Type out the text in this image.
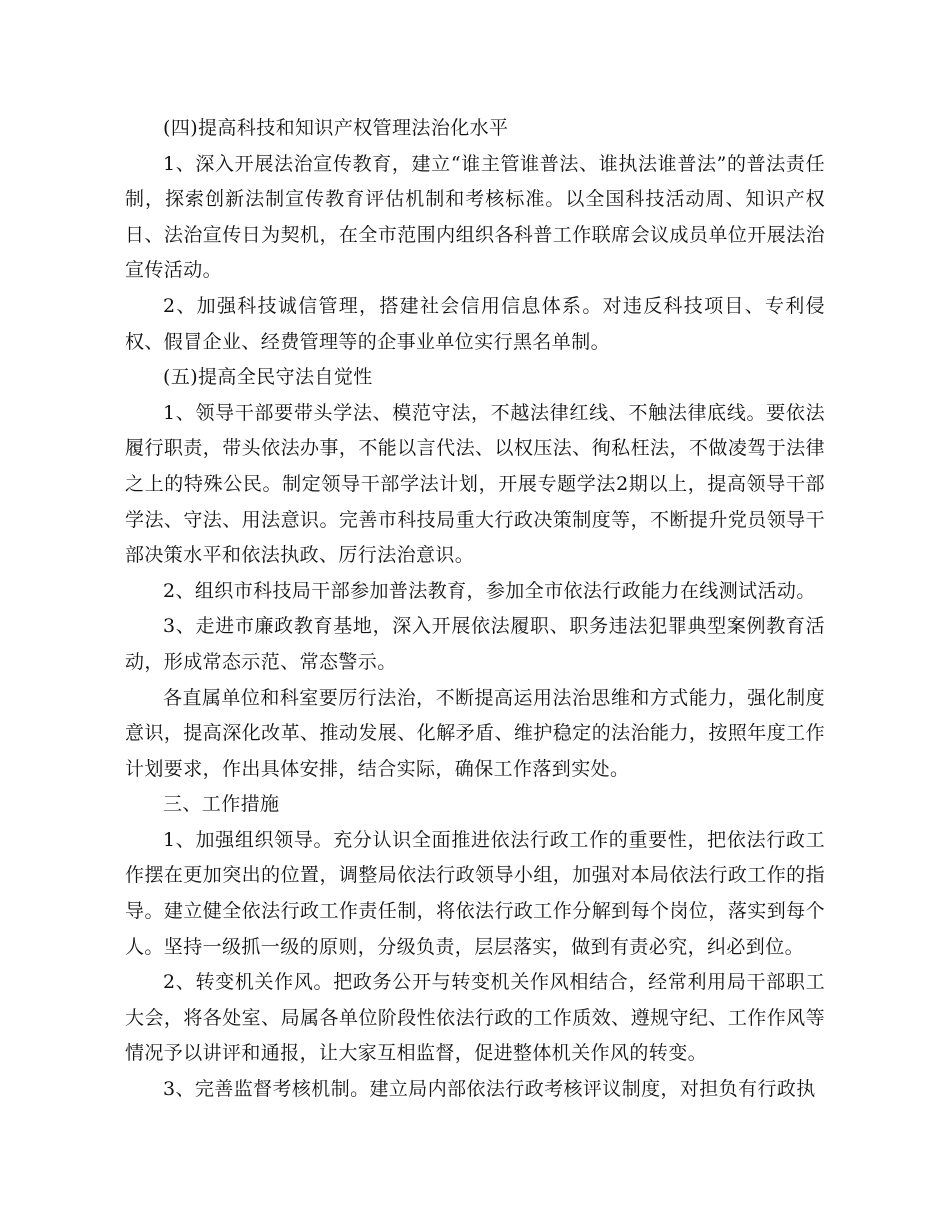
(四)提高科技和知识产权管理法治化水平

1、深入开展法治宣传教育，建立“谁主管谁普法、谁执法谁普法”的普法责任制，探索创新法制宣传教育评估机制和考核标准。以全国科技活动周、知识产权日、法治宣传日为契机，在全市范围内组织各科普工作联席会议成员单位开展法治宣传活动。

2、加强科技诚信管理，搭建社会信用信息体系。对违反科技项目、专利侵权、假冒企业、经费管理等的企事业单位实行黑名单制。

(五)提高全民守法自觉性

1、领导干部要带头学法、模范守法，不越法律红线、不触法律底线。要依法履行职责，带头依法办事，不能以言代法、以权压法、徇私枉法，不做凌驾于法律之上的特殊公民。制定领导干部学法计划，开展专题学法2期以上，提高领导干部学法、守法、用法意识。完善市科技局重大行政决策制度等，不断提升党员领导干部决策水平和依法执政、厉行法治意识。

2、组织市科技局干部参加普法教育，参加全市依法行政能力在线测试活动。

3、走进市廉政教育基地，深入开展依法履职、职务违法犯罪典型案例教育活动，形成常态示范、常态警示。

各直属单位和科室要厉行法治，不断提高运用法治思维和方式能力，强化制度意识，提高深化改革、推动发展、化解矛盾、维护稳定的法治能力，按照年度工作计划要求，作出具体安排，结合实际，确保工作落到实处。

三、工作措施

1、加强组织领导。充分认识全面推进依法行政工作的重要性，把依法行政工作摆在更加突出的位置，调整局依法行政领导小组，加强对本局依法行政工作的指导。建立健全依法行政工作责任制，将依法行政工作分解到每个岗位，落实到每个人。坚持一级抓一级的原则，分级负责，层层落实，做到有责必究，纠必到位。

2、转变机关作风。把政务公开与转变机关作风相结合，经常利用局干部职工大会，将各处室、局属各单位阶段性依法行政的工作质效、遵规守纪、工作作风等情况予以讲评和通报，让大家互相监督，促进整体机关作风的转变。

3、完善监督考核机制。建立局内部依法行政考核评议制度，对担负有行政执
